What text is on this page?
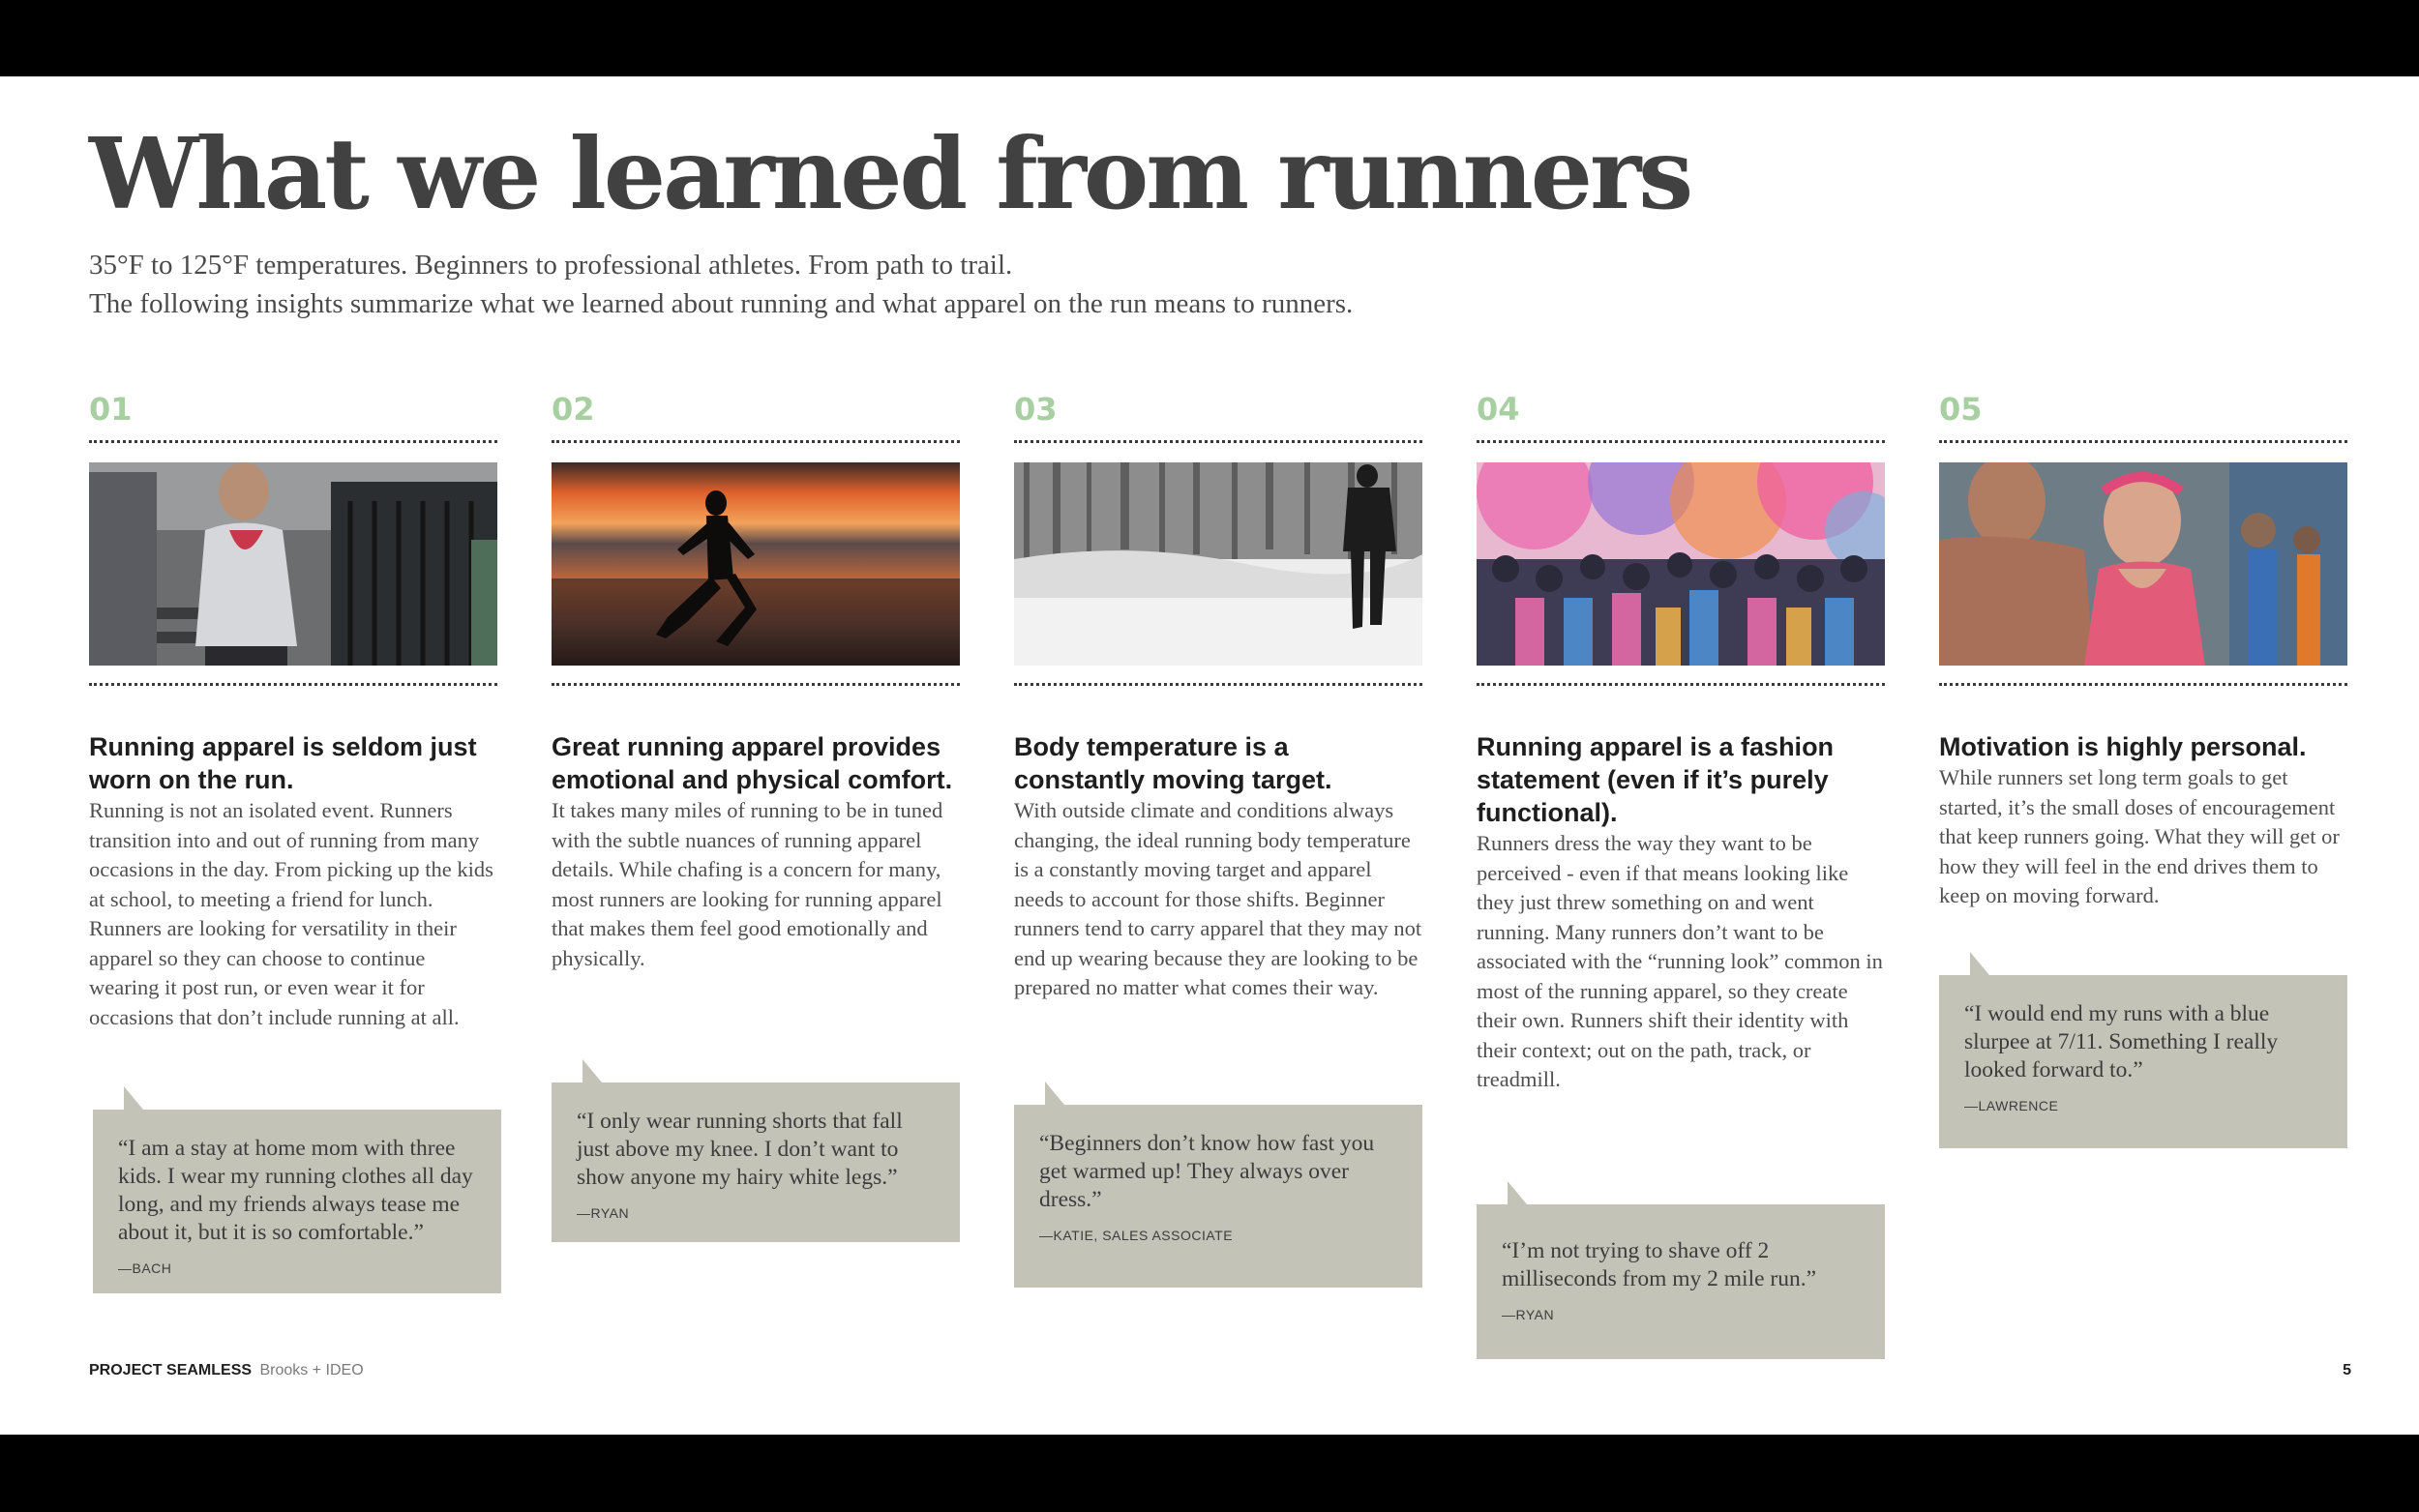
What we learned from runners

35°F to 125°F temperatures. Beginners to professional athletes. From path to trail.

The following insights summarize what we learned about running and what apparel on the run means to runners.

01
Running apparel is seldom just worn on the run.
Running is not an isolated event. Runners transition into and out of running from many occasions in the day. From picking up the kids at school, to meeting a friend for lunch. Runners are looking for versatility in their apparel so they can choose to continue wearing it post run, or even wear it for occasions that don’t include running at all.
02
Great running apparel provides emotional and physical comfort.
It takes many miles of running to be in tuned with the subtle nuances of running apparel details. While chafing is a concern for many, most runners are looking for running apparel that makes them feel good emotionally and physically.
03
Body temperature is a constantly moving target.
With outside climate and conditions always changing, the ideal running body temperature is a constantly moving target and apparel needs to account for those shifts. Beginner runners tend to carry apparel that they may not end up wearing because they are looking to be prepared no matter what comes their way.
04
Running apparel is a fashion statement (even if it’s purely functional).
Runners dress the way they want to be perceived - even if that means looking like they just threw something on and went running. Many runners don’t want to be associated with the “running look” common in most of the running apparel, so they create their own. Runners shift their identity with their context; out on the path, track, or treadmill.
05
Motivation is highly personal.
While runners set long term goals to get started, it’s the small doses of encouragement that keep runners going. What they will get or how they will feel in the end drives them to keep on moving forward.
“I am a stay at home mom with three kids. I wear my running clothes all day long, and my friends always tease me about it, but it is so comfortable.”
—BACH
“I only wear running shorts that fall just above my knee. I don’t want to show anyone my hairy white legs.”
—RYAN
“Beginners don’t know how fast you get warmed up! They always over dress.”
—KATIE, SALES ASSOCIATE
“I’m not trying to shave off 2 milliseconds from my 2 mile run.”
—RYAN
“I would end my runs with a blue slurpee at 7/11. Something I really looked forward to.”
—LAWRENCE
PROJECT SEAMLESS Brooks + IDEO	5
